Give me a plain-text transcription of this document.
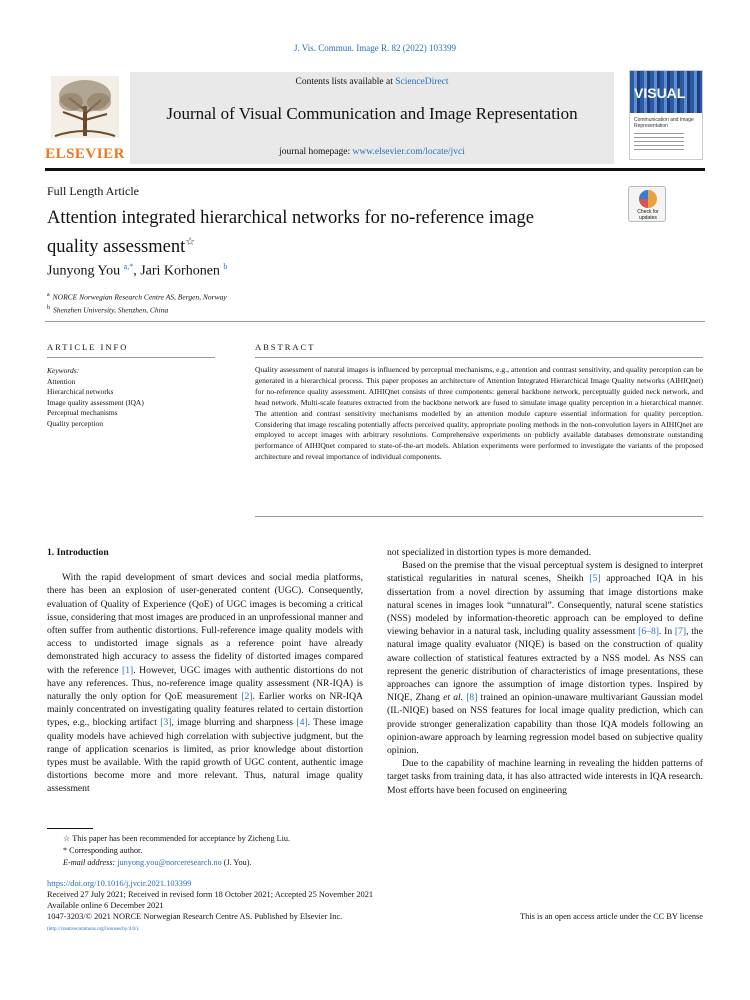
J. Vis. Commun. Image R. 82 (2022) 103399
ELSEVIER
Contents lists available at ScienceDirect
Journal of Visual Communication and Image Representation
journal homepage: www.elsevier.com/locate/jvci
VISUAL
Communication and Image Representation
Full Length Article
Check for updates
Attention integrated hierarchical networks for no-reference image quality assessment☆
Junyong You $^{a,*}$, Jari Korhonen $^b$
$^a$ NORCE Norwegian Research Centre AS, Bergen, Norway
$^b$ Shenzhen University, Shenzhen, China
ARTICLE INFO	ABSTRACT
Keywords:
Attention
Hierarchical networks
Image quality assessment (IQA)
Perceptual mechanisms
Quality perception
Quality assessment of natural images is influenced by perceptual mechanisms, e.g., attention and contrast sensitivity, and quality perception can be generated in a hierarchical process. This paper proposes an architecture of Attention Integrated Hierarchical Image Quality networks (AIHIQnet) for no-reference quality assessment. AIHIQnet consists of three components: general backbone network, perceptually guided neck network, and head network. Multi-scale features extracted from the backbone network are fused to simulate image quality perception in a hierarchical manner. The attention and contrast sensitivity mechanisms modelled by an attention module capture essential information for quality perception. Considering that image rescaling potentially affects perceived quality, appropriate pooling methods in the non-convolution layers in AIHIQnet are employed to accept images with arbitrary resolutions. Comprehensive experiments on publicly available databases demonstrate outstanding performance of AIHIQnet compared to state-of-the-art models. Ablation experiments were performed to investigate the variants of the proposed architecture and reveal importance of individual components.
1. Introduction

With the rapid development of smart devices and social media platforms, there has been an explosion of user-generated content (UGC). Consequently, evaluation of Quality of Experience (QoE) of UGC images is becoming a critical issue, considering that most images are produced in an unprofessional manner and often suffer from authentic distortions. Full-reference image quality models with access to undistorted image signals as a reference point have already demonstrated high accuracy to assess the fidelity of distorted images compared with the reference [1]. However, UGC images with authentic distortions do not have any references. Thus, no-reference image quality assessment (NR-IQA) is naturally the only option for QoE measurement [2]. Earlier works on NR-IQA mainly concentrated on investigating quality features related to certain distortion types, e.g., blocking artifact [3], image blurring and sharpness [4]. These image quality models have achieved high correlation with subjective judgment, but the range of application scenarios is limited, as prior knowledge about distortion types must be available. With the rapid growth of UGC content, authentic image distortions become more and more relevant. Thus, natural image quality assessment

not specialized in distortion types is more demanded.

Based on the premise that the visual perceptual system is designed to interpret statistical regularities in natural scenes, Sheikh [5] approached IQA in his dissertation from a novel direction by assuming that image distortions make natural scenes in images look “unnatural”. Consequently, natural scene statistics (NSS) modeled by information-theoretic approach can be employed to define viewing behavior in a natural task, including quality assessment [6–8]. In [7], the natural image quality evaluator (NIQE) is based on the construction of quality aware collection of statistical features extracted by a NSS model. As NSS can represent the generic distribution of characteristics of image presentations, these approaches can ignore the assumption of image distortion types. Inspired by NIQE, Zhang et al. [8] trained an opinion-unaware multivariant Gaussian model (IL-NIQE) based on NSS features for local image quality prediction, which can provide stronger generalization capability than those IQA models following an opinion-aware approach by learning regression model based on subjective quality opinion.

Due to the capability of machine learning in revealing the hidden patterns of target tasks from training data, it has also attracted wide interests in IQA research. Most efforts have been focused on engineering

☆ This paper has been recommended for acceptance by Zicheng Liu.
* Corresponding author.
E-mail address: junyong.you@norceresearch.no (J. You).
https://doi.org/10.1016/j.jvcir.2021.103399
Received 27 July 2021; Received in revised form 18 October 2021; Accepted 25 November 2021
Available online 6 December 2021
1047-3203/© 2021 NORCE Norwegian Research Centre AS. Published by Elsevier Inc.	This is an open access article under the CC BY license
(http://creativecommons.org/licenses/by/4.0/).
